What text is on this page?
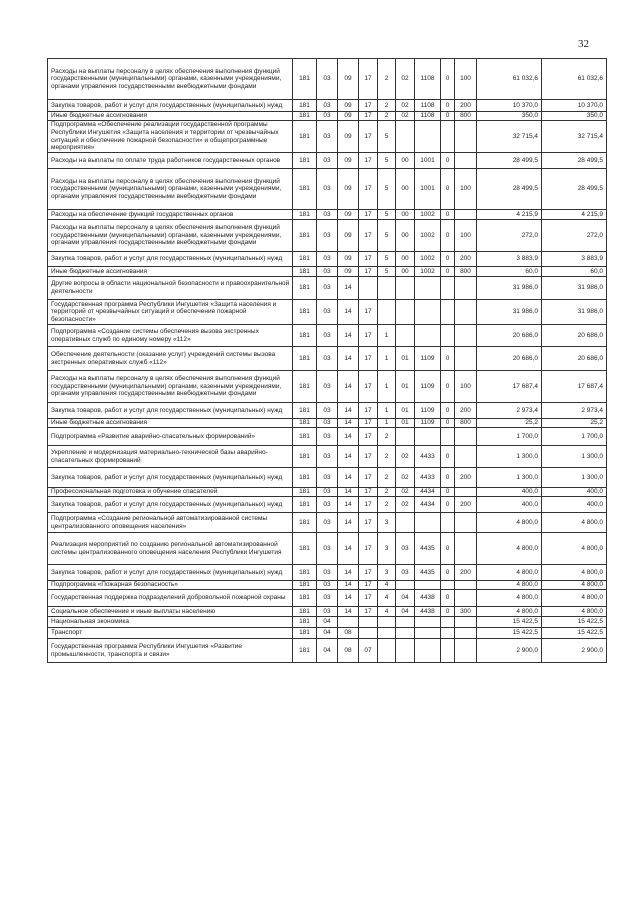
32
Расходы на выплаты персоналу в целях обеспечения выполнения функций государственными (муниципальными) органами, казенными учреждениями, органами управления государственными внебюджетными фондами	181	03	09	17	2	02	1108	0	100	61 032,6	61 032,6
Закупка товаров, работ и услуг для государственных (муниципальных) нужд	181	03	09	17	2	02	1108	0	200	10 370,0	10 370,0
Иные бюджетные ассигнования	181	03	09	17	2	02	1108	0	800	350,0	350,0
Подпрограмма «Обеспечение реализации государственной программы Республики Ингушетия «Защита населения и территории от чрезвычайных ситуаций и обеспечение пожарной безопасности» и общепрограммные мероприятия»	181	03	09	17	5					32 715,4	32 715,4
Расходы на выплаты по оплате труда работников государственных органов	181	03	09	17	5	00	1001	0		28 499,5	28 499,5
Расходы на выплаты персоналу в целях обеспечения выполнения функций государственными (муниципальными) органами, казенными учреждениями, органами управления государственными внебюджетными фондами	181	03	09	17	5	00	1001	0	100	28 499,5	28 499,5
Расходы на обеспечение функций государственных органов	181	03	09	17	5	00	1002	0		4 215,9	4 215,9
Расходы на выплаты персоналу в целях обеспечения выполнения функций государственными (муниципальными) органами, казенными учреждениями, органами управления государственными внебюджетными фондами	181	03	09	17	5	00	1002	0	100	272,0	272,0
Закупка товаров, работ и услуг для государственных (муниципальных) нужд	181	03	09	17	5	00	1002	0	200	3 883,9	3 883,9
Иные бюджетные ассигнования	181	03	09	17	5	00	1002	0	800	60,0	60,0
Другие вопросы в области национальной безопасности и правоохранительной деятельности	181	03	14							31 986,0	31 986,0
Государственная программа Республики Ингушетия «Защита населения и территорий от чрезвычайных ситуаций и обеспечение пожарной безопасности»	181	03	14	17						31 986,0	31 986,0
Подпрограмма «Создание системы обеспечения вызова экстренных оперативных служб по единому номеру «112»	181	03	14	17	1					20 686,0	20 686,0
Обеспечение деятельности (оказание услуг) учреждений системы вызова экстренных оперативных служб «112»	181	03	14	17	1	01	1109	0		20 686,0	20 686,0
Расходы на выплаты персоналу в целях обеспечения выполнения функций государственными (муниципальными) органами, казенными учреждениями, органами управления государственными внебюджетными фондами	181	03	14	17	1	01	1109	0	100	17 687,4	17 687,4
Закупка товаров, работ и услуг для государственных (муниципальных) нужд	181	03	14	17	1	01	1109	0	200	2 973,4	2 973,4
Иные бюджетные ассигнования	181	03	14	17	1	01	1109	0	800	25,2	25,2
Подпрограмма «Развитие аварийно-спасательных формирований»	181	03	14	17	2					1 700,0	1 700,0
Укрепление и модернизация материально-технической базы аварийно-спасательных формирований	181	03	14	17	2	02	4433	0		1 300,0	1 300,0
Закупка товаров, работ и услуг для государственных (муниципальных) нужд	181	03	14	17	2	02	4433	0	200	1 300,0	1 300,0
Профессиональная подготовка и обучение спасателей	181	03	14	17	2	02	4434	0		400,0	400,0
Закупка товаров, работ и услуг для государственных (муниципальных) нужд	181	03	14	17	2	02	4434	0	200	400,0	400,0
Подпрограмма «Создание региональной автоматизированной системы централизованного оповещения населения»	181	03	14	17	3					4 800,0	4 800,0
Реализация мероприятий по созданию региональной автоматизированной системы централизованного оповещения населения Республики Ингушетия	181	03	14	17	3	03	4435	0		4 800,0	4 800,0
Закупка товаров, работ и услуг для государственных (муниципальных) нужд	181	03	14	17	3	03	4435	0	200	4 800,0	4 800,0
Подпрограмма «Пожарная безопасность»	181	03	14	17	4					4 800,0	4 800,0
Государственная поддержка подразделений добровольной пожарной охраны	181	03	14	17	4	04	4438	0		4 800,0	4 800,0
Социальное обеспечение и иные выплаты населению	181	03	14	17	4	04	4438	0	300	4 800,0	4 800,0
Национальная экономика	181	04								15 422,5	15 422,5
Транспорт	181	04	08							15 422,5	15 422,5
Государственная программа Республики Ингушетия «Развитие промышленности, транспорта и связи»	181	04	08	07						2 900,0	2 900,0
